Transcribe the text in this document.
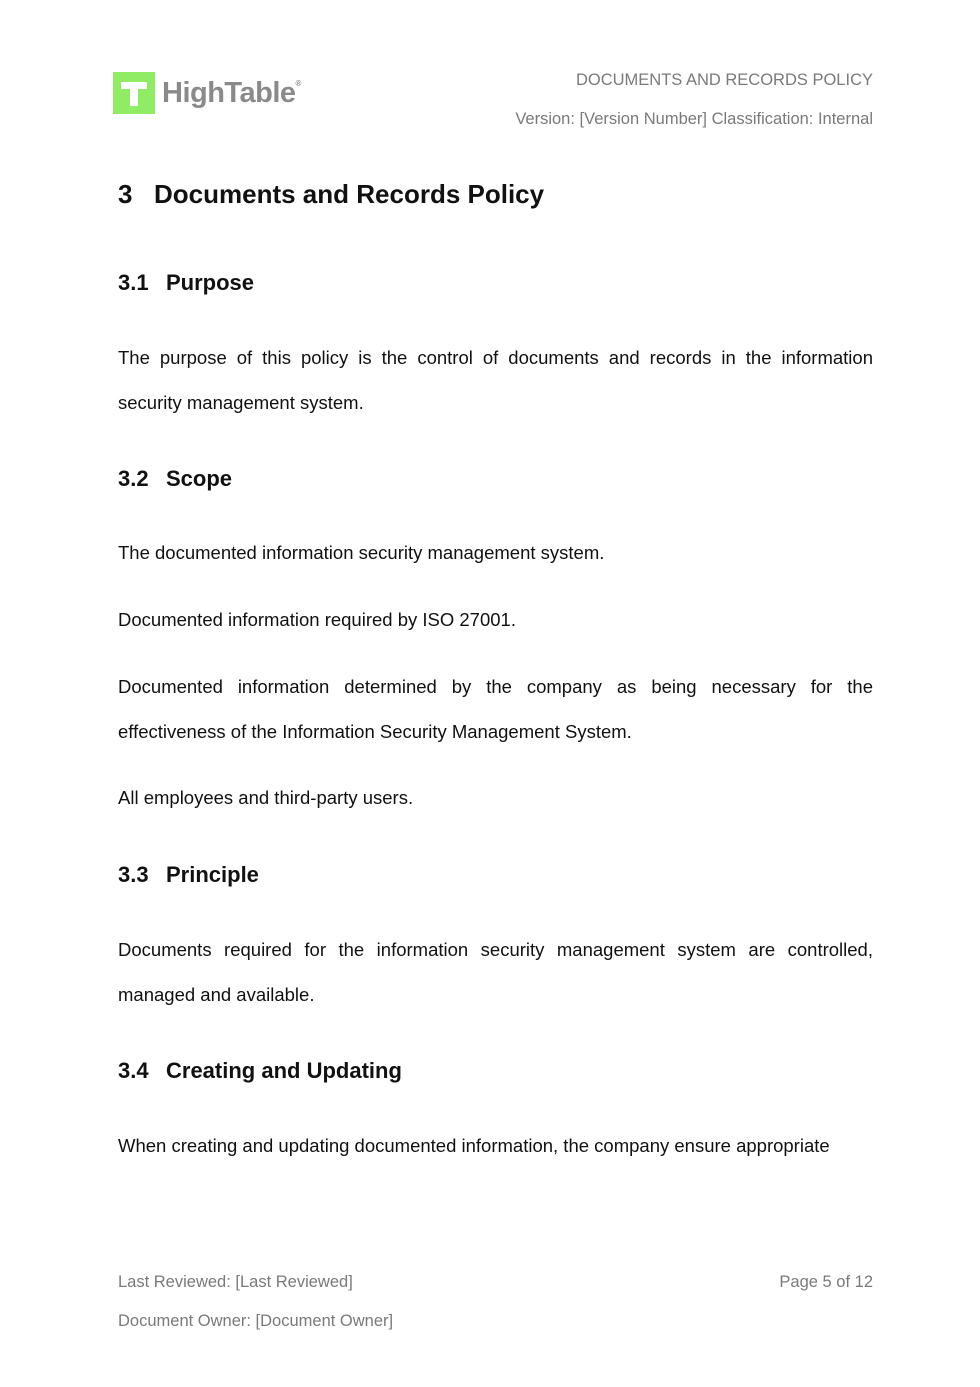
HighTable®	DOCUMENTS AND RECORDS POLICY
Version: [Version Number] Classification: Internal
3 Documents and Records Policy
3.1 Purpose
The purpose of this policy is the control of documents and records in the information security management system.
3.2 Scope
The documented information security management system.
Documented information required by ISO 27001.
Documented information determined by the company as being necessary for the effectiveness of the Information Security Management System.
All employees and third-party users.
3.3 Principle
Documents required for the information security management system are controlled, managed and available.
3.4 Creating and Updating
When creating and updating documented information, the company ensure appropriate
Last Reviewed: [Last Reviewed]
Document Owner: [Document Owner]
Page 5 of 12
